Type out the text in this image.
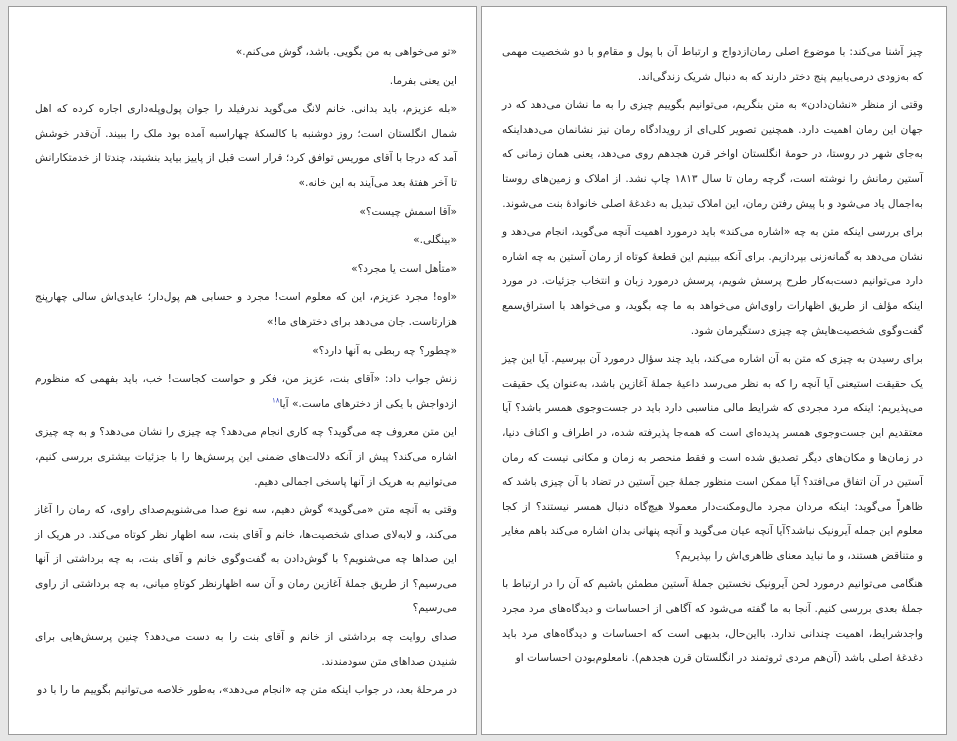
«تو می‌خواهی به من بگویی. باشد، گوش می‌کنم.»

این یعنی بفرما.

«بله عزیزم، باید بدانی. خانم لانگ می‌گوید ندرفیلد را جوان پول‌وپله‌داری اجاره کرده که اهل شمال انگلستان است؛ روز دوشنبه با کالسکهٔ چهاراسبه آمده بود ملک را ببیند. آن‌قدر خوشش آمد که درجا با آقای موریس توافق کرد؛ قرار است قبل از پاییز بیاید بنشیند، چندتا از خدمتکارانش تا آخر هفتهٔ بعد می‌آیند به این خانه.»

«آقا اسمش چیست؟»

«بینگلی.»

«متأهل است یا مجرد؟»

«اوه! مجرد عزیزم، این که معلوم است! مجرد و حسابی هم پول‌دار؛ عایدی‌اش سالی چهارپنج هزارتاست. جان می‌دهد برای دخترهای ما!»

«چطور؟ چه ربطی به آنها دارد؟»

زنش جواب داد: «آقای بنت، عزیز من، فکر و حواست کجاست! خب، باید بفهمی که منظورم ازدواجش با یکی از دخترهای ماست.» آیا$^{۱۸}$

این متن معروف چه می‌گوید؟ چه کاری انجام می‌دهد؟ چه چیزی را نشان می‌دهد؟ و به چه چیزی اشاره می‌کند؟ پیش از آنکه دلالت‌های ضمنی این پرسش‌ها را با جزئیات بیشتری بررسی کنیم، می‌توانیم به هریک از آنها پاسخی اجمالی دهیم.

وقتی به آنچه متن «می‌گوید» گوش دهیم، سه نوع صدا می‌شنویم‌صدای راوی، که رمان را آغاز می‌کند، و لابه‌لای صدای شخصیت‌ها، خانم و آقای بنت، سه اظهار نظر کوتاه می‌کند. در هریک از این صداها چه می‌شنویم؟ با گوش‌دادن به گفت‌وگوی خانم و آقای بنت، به چه برداشتی از آنها می‌رسیم؟ از طریق جملهٔ آغازین رمان و آن سه اظهارنظر کوتاهِ میانی، به چه برداشتی از راوی می‌رسیم؟

صدای روایت چه برداشتی از خانم و آقای بنت را به دست می‌دهد؟ چنین پرسش‌هایی برای شنیدن صداهای متن سودمندند.

در مرحلهٔ بعد، در جواب اینکه متن چه «انجام می‌دهد»، به‌طور خلاصه می‌توانیم بگوییم ما را با دو

چیز آشنا می‌کند: با موضوع اصلی رمان‌ازدواج و ارتباط آن با پول و مقام‌و با دو شخصیت مهمی که به‌زودی درمی‌یابیم پنج دختر دارند که به دنبال شریک زندگی‌اند.

وقتی از منظر «نشان‌دادن» به متن بنگریم، می‌توانیم بگوییم چیزی را به ما نشان می‌دهد که در جهان این رمان اهمیت دارد. همچنین تصویر کلی‌ای از رویدادگاه رمان نیز نشانمان می‌دهداینکه به‌جای شهر در روستا، در حومهٔ انگلستان اواخر قرن هجدهم روی می‌دهد، یعنی همان زمانی که آستین رمانش را نوشته است، گرچه رمان تا سال ۱۸۱۳ چاپ نشد. از املاک و زمین‌های روستا به‌اجمال یاد می‌شود و با پیش رفتن رمان، این املاک تبدیل به دغدغهٔ اصلی خانوادهٔ بنت می‌شوند.

برای بررسی اینکه متن به چه «اشاره می‌کند» باید درمورد اهمیت آنچه می‌گوید، انجام می‌دهد و نشان می‌دهد به گمانه‌زنی بپردازیم. برای آنکه ببینیم این قطعهٔ کوتاه از رمان آستین به چه اشاره دارد می‌توانیم دست‌به‌کار طرح پرسش شویم، پرسش درمورد زبان و انتخاب جزئیات. در مورد اینکه مؤلف از طریق اظهارات راوی‌اش می‌خواهد به ما چه بگوید، و می‌خواهد با استراق‌سمع گفت‌وگوی شخصیت‌هایش چه چیزی دستگیرمان شود.

برای رسیدن به چیزی که متن به آن اشاره می‌کند، باید چند سؤال درمورد آن بپرسیم. آیا این چیز یک حقیقت استیعنی آیا آنچه را که به نظر می‌رسد داعیهٔ جملهٔ آغازین باشد، به‌عنوان یک حقیقت می‌پذیریم: اینکه مرد مجردی که شرایط مالی مناسبی دارد باید در جست‌وجوی همسر باشد؟ آیا معتقدیم این جست‌وجوی همسر پدیده‌ای است که همه‌جا پذیرفته شده، در اطراف و اکناف دنیا، در زمان‌ها و مکان‌های دیگر تصدیق شده است و فقط منحصر به زمان و مکانی نیست که رمان آستین در آن اتفاق می‌افتد؟ آیا ممکن است منظور جملهٔ جین آستین در تضاد با آن چیزی باشد که ظاهراً می‌گوید: اینکه مردان مجرد مال‌ومکنت‌دار معمولا هیچ‌گاه دنبال همسر نیستند؟ از کجا معلوم این جمله آیرونیک نباشد؟آیا آنچه عیان می‌گوید و آنچه پنهانی بدان اشاره می‌کند باهم مغایر و متناقض هستند، و ما نباید معنای ظاهری‌اش را بپذیریم؟

هنگامی می‌توانیم درمورد لحن آیرونیک نخستین جملهٔ آستین مطمئن باشیم که آن را در ارتباط با جملهٔ بعدی بررسی کنیم. آنجا به ما گفته می‌شود که آگاهی از احساسات و دیدگاه‌های مرد مجرد واجدشرایط، اهمیت چندانی ندارد. بااین‌حال، بدیهی است که احساسات و دیدگاه‌های مرد باید دغدغهٔ اصلی باشد (آن‌هم مردی ثروتمند در انگلستان قرن هجدهم). نامعلوم‌بودن احساسات او
